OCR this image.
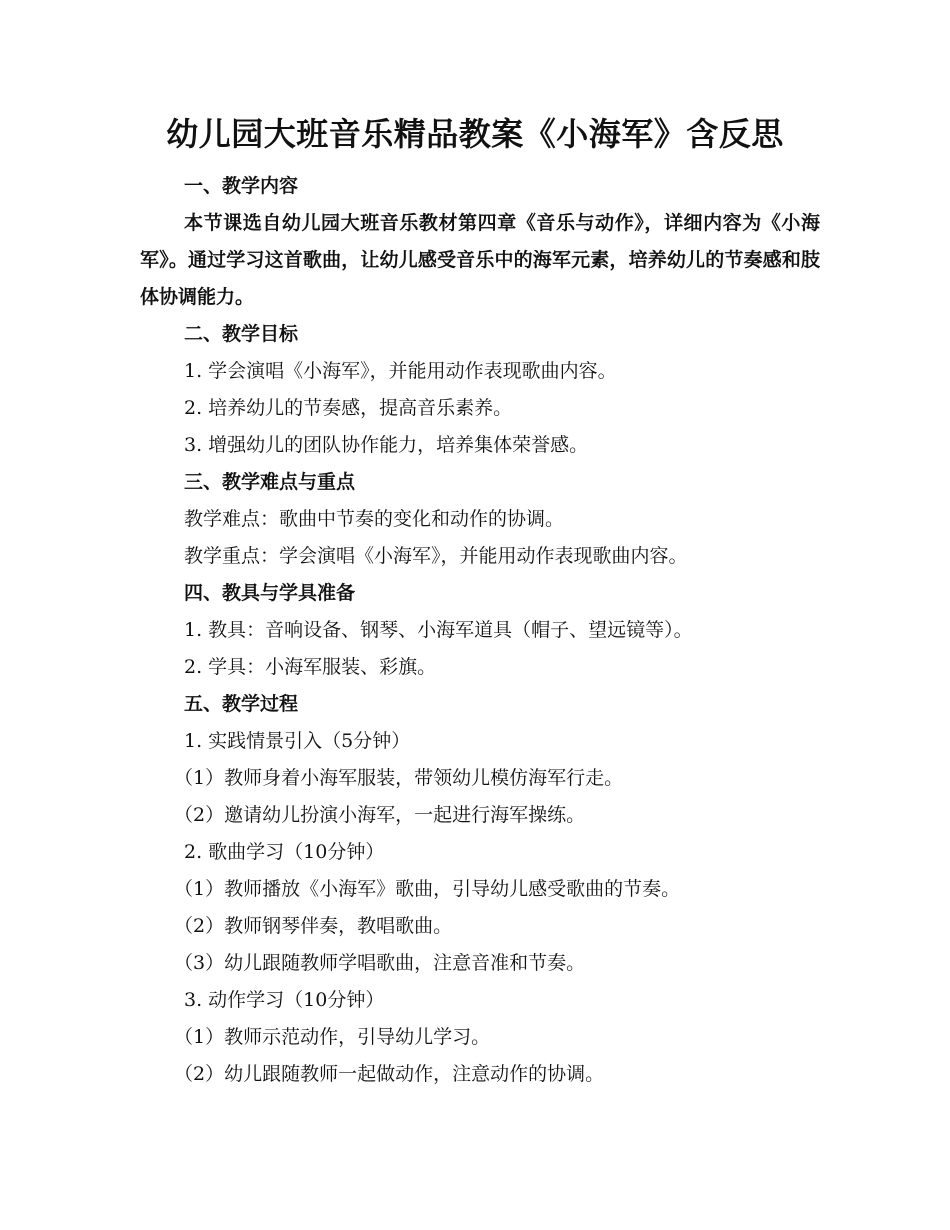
幼儿园大班音乐精品教案《小海军》含反思
一、教学内容
本节课选自幼儿园大班音乐教材第四章《音乐与动作》，详细内容为《小海军》。通过学习这首歌曲，让幼儿感受音乐中的海军元素，培养幼儿的节奏感和肢体协调能力。
二、教学目标
1. 学会演唱《小海军》，并能用动作表现歌曲内容。
2. 培养幼儿的节奏感，提高音乐素养。
3. 增强幼儿的团队协作能力，培养集体荣誉感。
三、教学难点与重点
教学难点：歌曲中节奏的变化和动作的协调。
教学重点：学会演唱《小海军》，并能用动作表现歌曲内容。
四、教具与学具准备
1. 教具：音响设备、钢琴、小海军道具（帽子、望远镜等）。
2. 学具：小海军服装、彩旗。
五、教学过程
1. 实践情景引入（5分钟）
（1）教师身着小海军服装，带领幼儿模仿海军行走。
（2）邀请幼儿扮演小海军，一起进行海军操练。
2. 歌曲学习（10分钟）
（1）教师播放《小海军》歌曲，引导幼儿感受歌曲的节奏。
（2）教师钢琴伴奏，教唱歌曲。
（3）幼儿跟随教师学唱歌曲，注意音准和节奏。
3. 动作学习（10分钟）
（1）教师示范动作，引导幼儿学习。
（2）幼儿跟随教师一起做动作，注意动作的协调。
